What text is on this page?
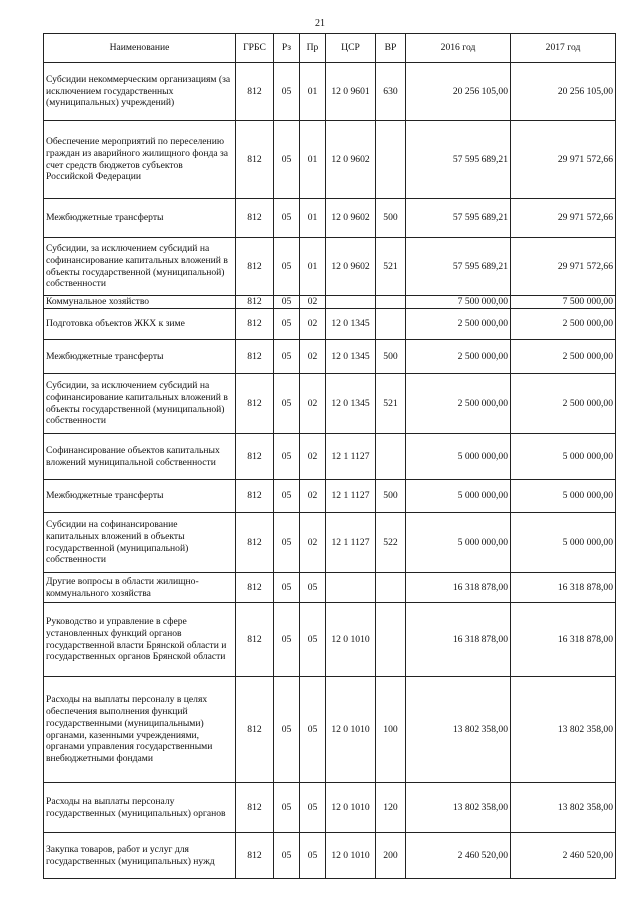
21
Наименование	ГРБС	Рз	Пр	ЦСР	ВР	2016 год	2017 год
Субсидии некоммерческим организациям (за исключением государственных (муниципальных) учреждений)	812	05	01	12 0 9601	630	20 256 105,00	20 256 105,00
Обеспечение мероприятий по переселению граждан из аварийного жилищного фонда за счет средств бюджетов субъектов Российской Федерации	812	05	01	12 0 9602		57 595 689,21	29 971 572,66
Межбюджетные трансферты	812	05	01	12 0 9602	500	57 595 689,21	29 971 572,66
Субсидии, за исключением субсидий на софинансирование капитальных вложений в объекты государственной (муниципальной) собственности	812	05	01	12 0 9602	521	57 595 689,21	29 971 572,66
Коммунальное хозяйство	812	05	02			7 500 000,00	7 500 000,00
Подготовка объектов ЖКХ к зиме	812	05	02	12 0 1345		2 500 000,00	2 500 000,00
Межбюджетные трансферты	812	05	02	12 0 1345	500	2 500 000,00	2 500 000,00
Субсидии, за исключением субсидий на софинансирование капитальных вложений в объекты государственной (муниципальной) собственности	812	05	02	12 0 1345	521	2 500 000,00	2 500 000,00
Софинансирование объектов капитальных вложений муниципальной собственности	812	05	02	12 1 1127		5 000 000,00	5 000 000,00
Межбюджетные трансферты	812	05	02	12 1 1127	500	5 000 000,00	5 000 000,00
Субсидии на софинансирование капитальных вложений в объекты государственной (муниципальной) собственности	812	05	02	12 1 1127	522	5 000 000,00	5 000 000,00
Другие вопросы в области жилищно-коммунального хозяйства	812	05	05			16 318 878,00	16 318 878,00
Руководство и управление в сфере установленных функций органов государственной власти Брянской области и государственных органов Брянской области	812	05	05	12 0 1010		16 318 878,00	16 318 878,00
Расходы на выплаты персоналу в целях обеспечения выполнения функций государственными (муниципальными) органами, казенными учреждениями, органами управления государственными внебюджетными фондами	812	05	05	12 0 1010	100	13 802 358,00	13 802 358,00
Расходы на выплаты персоналу государственных (муниципальных) органов	812	05	05	12 0 1010	120	13 802 358,00	13 802 358,00
Закупка товаров, работ и услуг для государственных (муниципальных) нужд	812	05	05	12 0 1010	200	2 460 520,00	2 460 520,00
